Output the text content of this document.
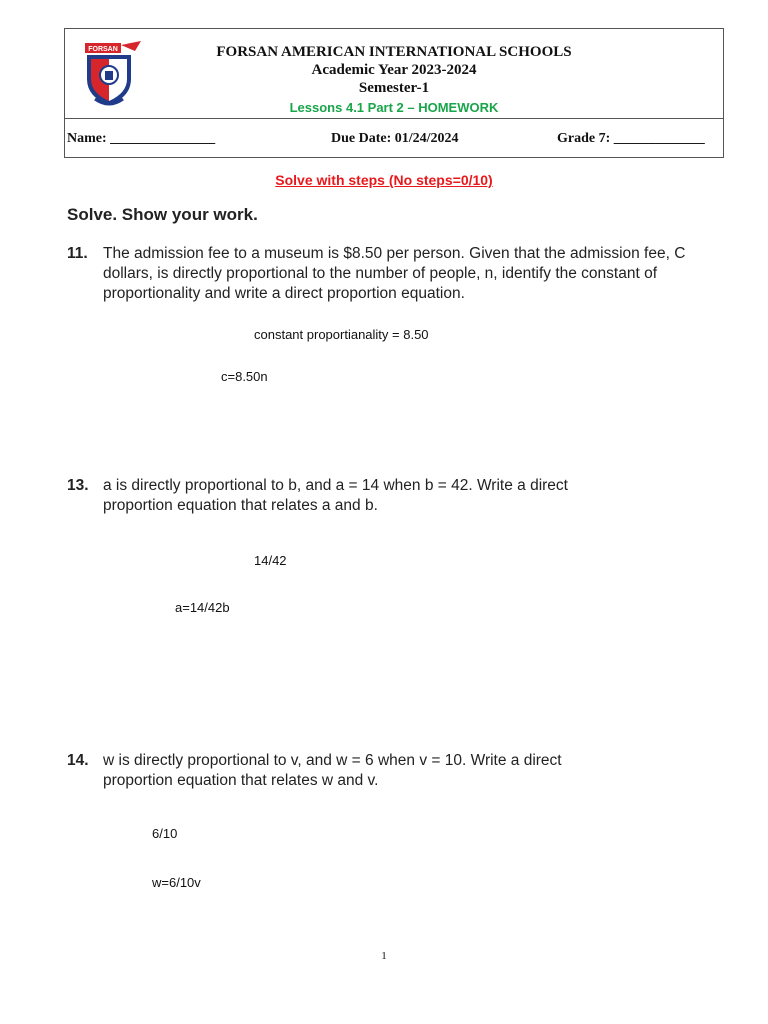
FORSAN	FORSAN AMERICAN INTERNATIONAL SCHOOLS
Academic Year 2023-2024
Semester-1
Lessons 4.1 Part 2 – HOMEWORK
Name: _______________	Due Date: 01/24/2024	Grade 7: _____________
Solve with steps (No steps=0/10)
Solve. Show your work.
11. The admission fee to a museum is $8.50 per person. Given that the admission fee, C dollars, is directly proportional to the number of people, n, identify the constant of proportionality and write a direct proportion equation.
constant proportianality = 8.50
c=8.50n
13. a is directly proportional to b, and a = 14 when b = 42. Write a direct proportion equation that relates a and b.
14/42
a=14/42b
14. w is directly proportional to v, and w = 6 when v = 10. Write a direct proportion equation that relates w and v.
6/10
w=6/10v
1
